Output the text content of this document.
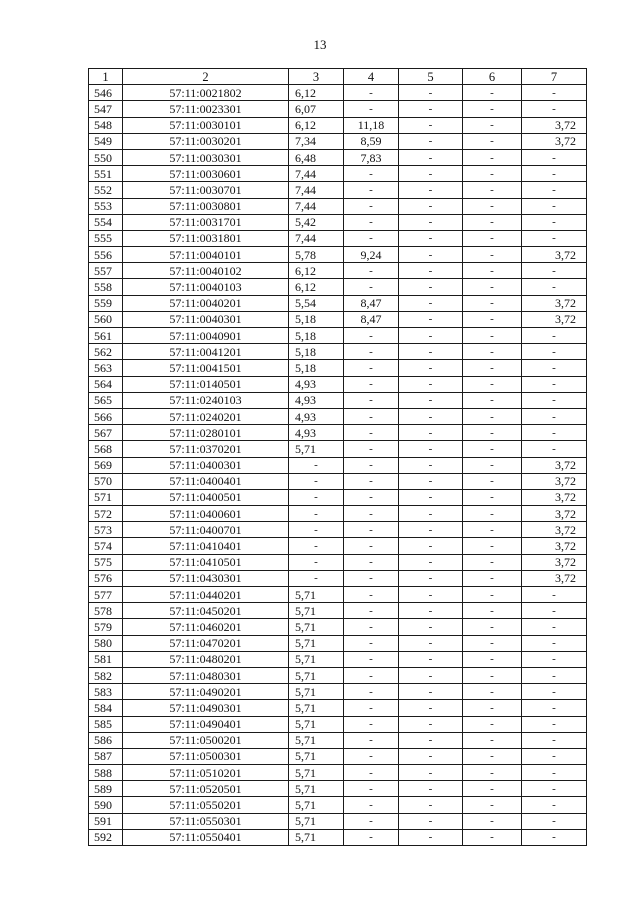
13
1	2	3	4	5	6	7
546	57:11:0021802	6,12	-	-	-	-
547	57:11:0023301	6,07	-	-	-	-
548	57:11:0030101	6,12	11,18	-	-	3,72
549	57:11:0030201	7,34	8,59	-	-	3,72
550	57:11:0030301	6,48	7,83	-	-	-
551	57:11:0030601	7,44	-	-	-	-
552	57:11:0030701	7,44	-	-	-	-
553	57:11:0030801	7,44	-	-	-	-
554	57:11:0031701	5,42	-	-	-	-
555	57:11:0031801	7,44	-	-	-	-
556	57:11:0040101	5,78	9,24	-	-	3,72
557	57:11:0040102	6,12	-	-	-	-
558	57:11:0040103	6,12	-	-	-	-
559	57:11:0040201	5,54	8,47	-	-	3,72
560	57:11:0040301	5,18	8,47	-	-	3,72
561	57:11:0040901	5,18	-	-	-	-
562	57:11:0041201	5,18	-	-	-	-
563	57:11:0041501	5,18	-	-	-	-
564	57:11:0140501	4,93	-	-	-	-
565	57:11:0240103	4,93	-	-	-	-
566	57:11:0240201	4,93	-	-	-	-
567	57:11:0280101	4,93	-	-	-	-
568	57:11:0370201	5,71	-	-	-	-
569	57:11:0400301	-	-	-	-	3,72
570	57:11:0400401	-	-	-	-	3,72
571	57:11:0400501	-	-	-	-	3,72
572	57:11:0400601	-	-	-	-	3,72
573	57:11:0400701	-	-	-	-	3,72
574	57:11:0410401	-	-	-	-	3,72
575	57:11:0410501	-	-	-	-	3,72
576	57:11:0430301	-	-	-	-	3,72
577	57:11:0440201	5,71	-	-	-	-
578	57:11:0450201	5,71	-	-	-	-
579	57:11:0460201	5,71	-	-	-	-
580	57:11:0470201	5,71	-	-	-	-
581	57:11:0480201	5,71	-	-	-	-
582	57:11:0480301	5,71	-	-	-	-
583	57:11:0490201	5,71	-	-	-	-
584	57:11:0490301	5,71	-	-	-	-
585	57:11:0490401	5,71	-	-	-	-
586	57:11:0500201	5,71	-	-	-	-
587	57:11:0500301	5,71	-	-	-	-
588	57:11:0510201	5,71	-	-	-	-
589	57:11:0520501	5,71	-	-	-	-
590	57:11:0550201	5,71	-	-	-	-
591	57:11:0550301	5,71	-	-	-	-
592	57:11:0550401	5,71	-	-	-	-
